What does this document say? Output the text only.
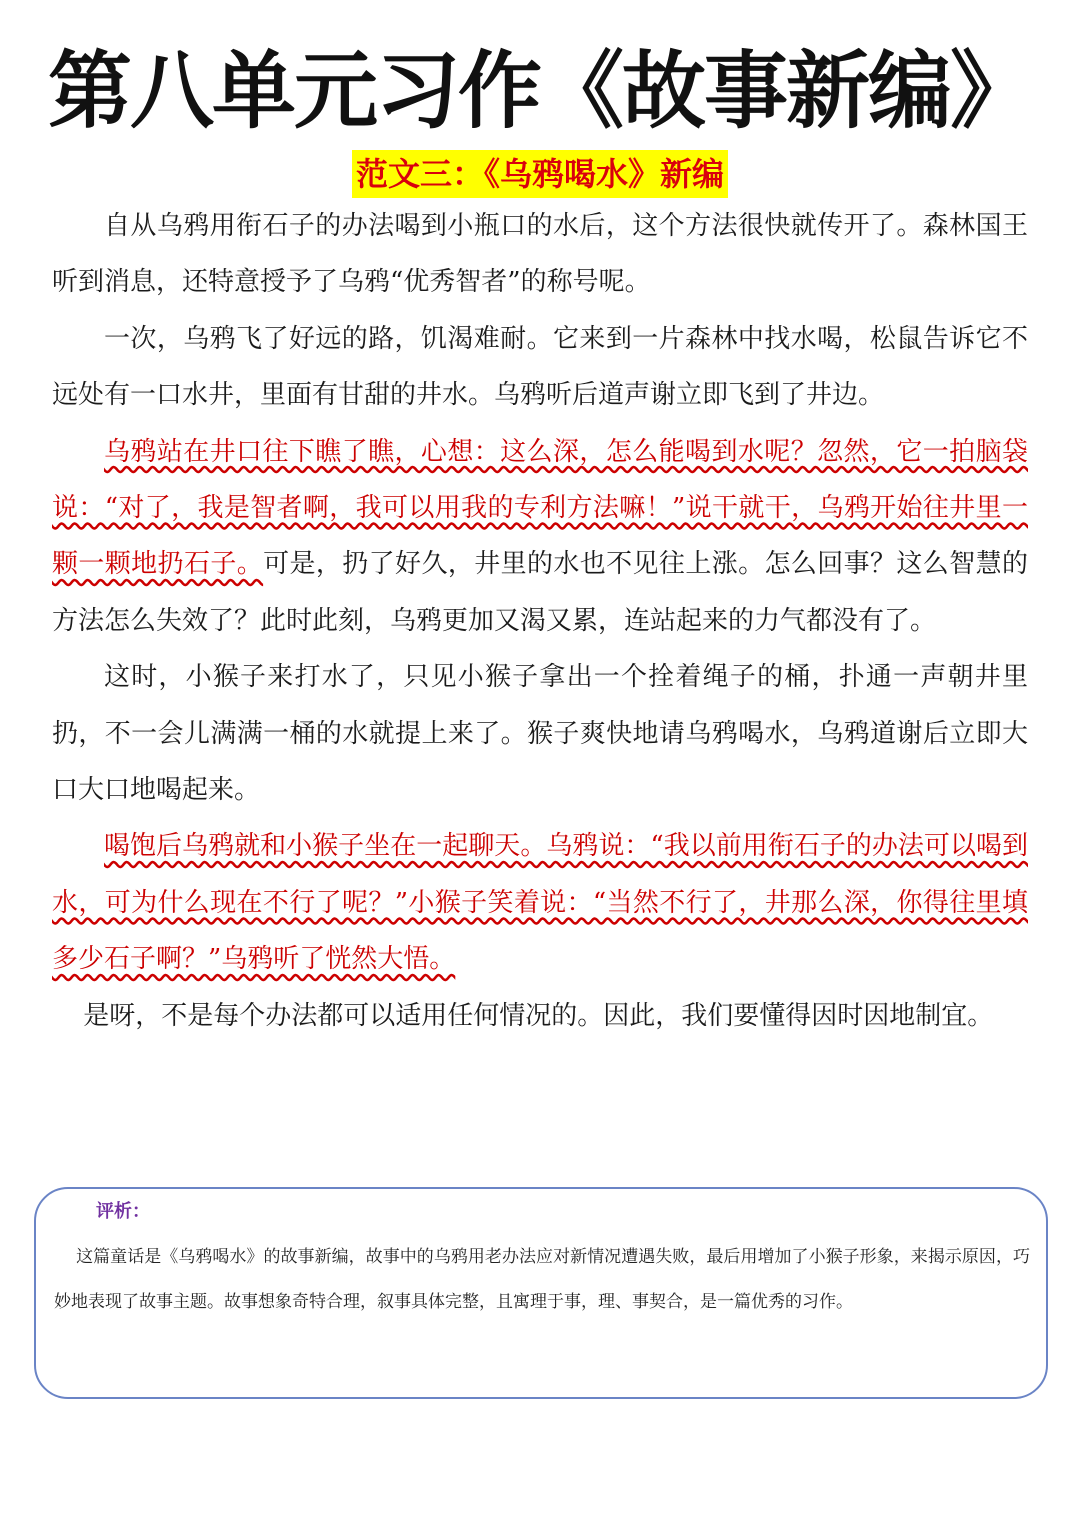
第八单元习作《故事新编》
范文三：《乌鸦喝水》新编

自从乌鸦用衔石子的办法喝到小瓶口的水后，这个方法很快就传开了。森林国王听到消息，还特意授予了乌鸦“优秀智者”的称号呢。

一次，乌鸦飞了好远的路，饥渴难耐。它来到一片森林中找水喝，松鼠告诉它不远处有一口水井，里面有甘甜的井水。乌鸦听后道声谢立即飞到了井边。

乌鸦站在井口往下瞧了瞧，心想：这么深，怎么能喝到水呢？忽然，它一拍脑袋说：“对了，我是智者啊，我可以用我的专利方法嘛！”说干就干，乌鸦开始往井里一颗一颗地扔石子。可是，扔了好久，井里的水也不见往上涨。怎么回事？这么智慧的方法怎么失效了？此时此刻，乌鸦更加又渴又累，连站起来的力气都没有了。

这时，小猴子来打水了，只见小猴子拿出一个拴着绳子的桶，扑通一声朝井里扔，不一会儿满满一桶的水就提上来了。猴子爽快地请乌鸦喝水，乌鸦道谢后立即大口大口地喝起来。

喝饱后乌鸦就和小猴子坐在一起聊天。乌鸦说：“我以前用衔石子的办法可以喝到水，可为什么现在不行了呢？”小猴子笑着说：“当然不行了，井那么深，你得往里填多少石子啊？”乌鸦听了恍然大悟。

是呀，不是每个办法都可以适用任何情况的。因此，我们要懂得因时因地制宜。

评析：
这篇童话是《乌鸦喝水》的故事新编，故事中的乌鸦用老办法应对新情况遭遇失败，最后用增加了小猴子形象，来揭示原因，巧妙地表现了故事主题。故事想象奇特合理，叙事具体完整，且寓理于事，理、事契合，是一篇优秀的习作。
